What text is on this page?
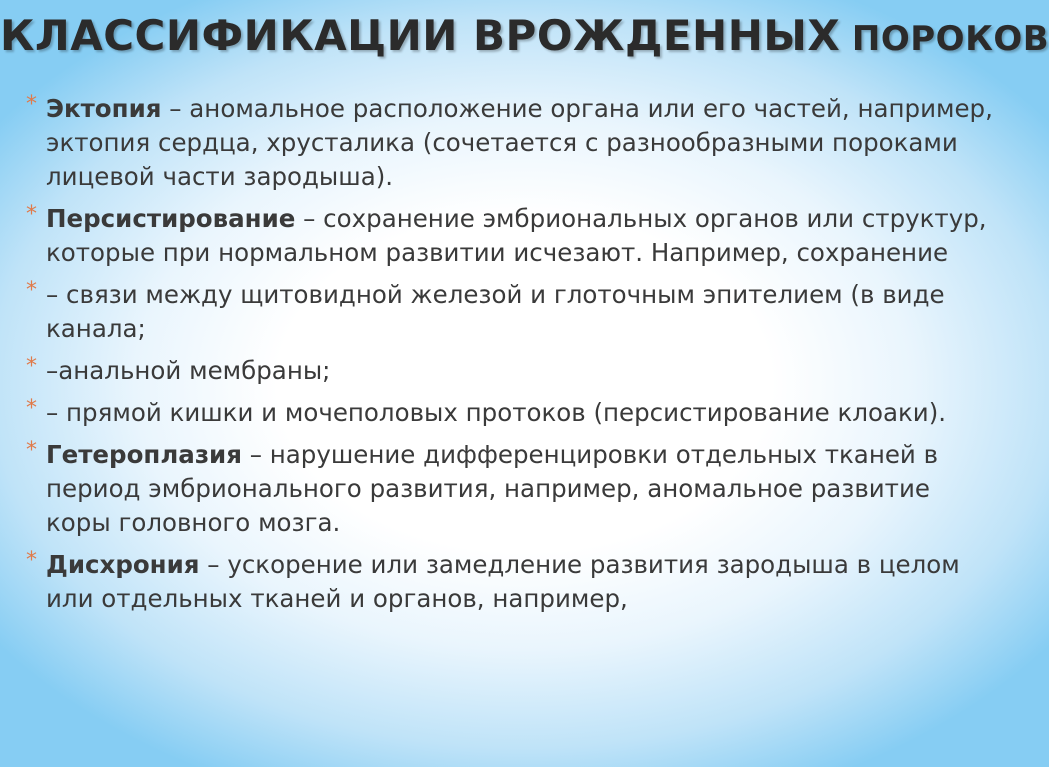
КЛАССИФИКАЦИИ ВРОЖДЕННЫХ ПОРОКОВ
* Эктопия – аномальное расположение органа или его частей, например, эктопия сердца, хрусталика (сочетается с разнообразными пороками лицевой части зародыша).
* Персистирование – сохранение эмбриональных органов или структур, которые при нормальном развитии исчезают. Например, сохранение
* – связи между щитовидной железой и глоточным эпителием (в виде канала;
* –анальной мембраны;
* – прямой кишки и мочеполовых протоков (персистирование клоаки).
* Гетероплазия – нарушение дифференцировки отдельных тканей в период эмбрионального развития, например, аномальное развитие коры головного мозга.
* Дисхрония – ускорение или замедление развития зародыша в целом или отдельных тканей и органов, например,
